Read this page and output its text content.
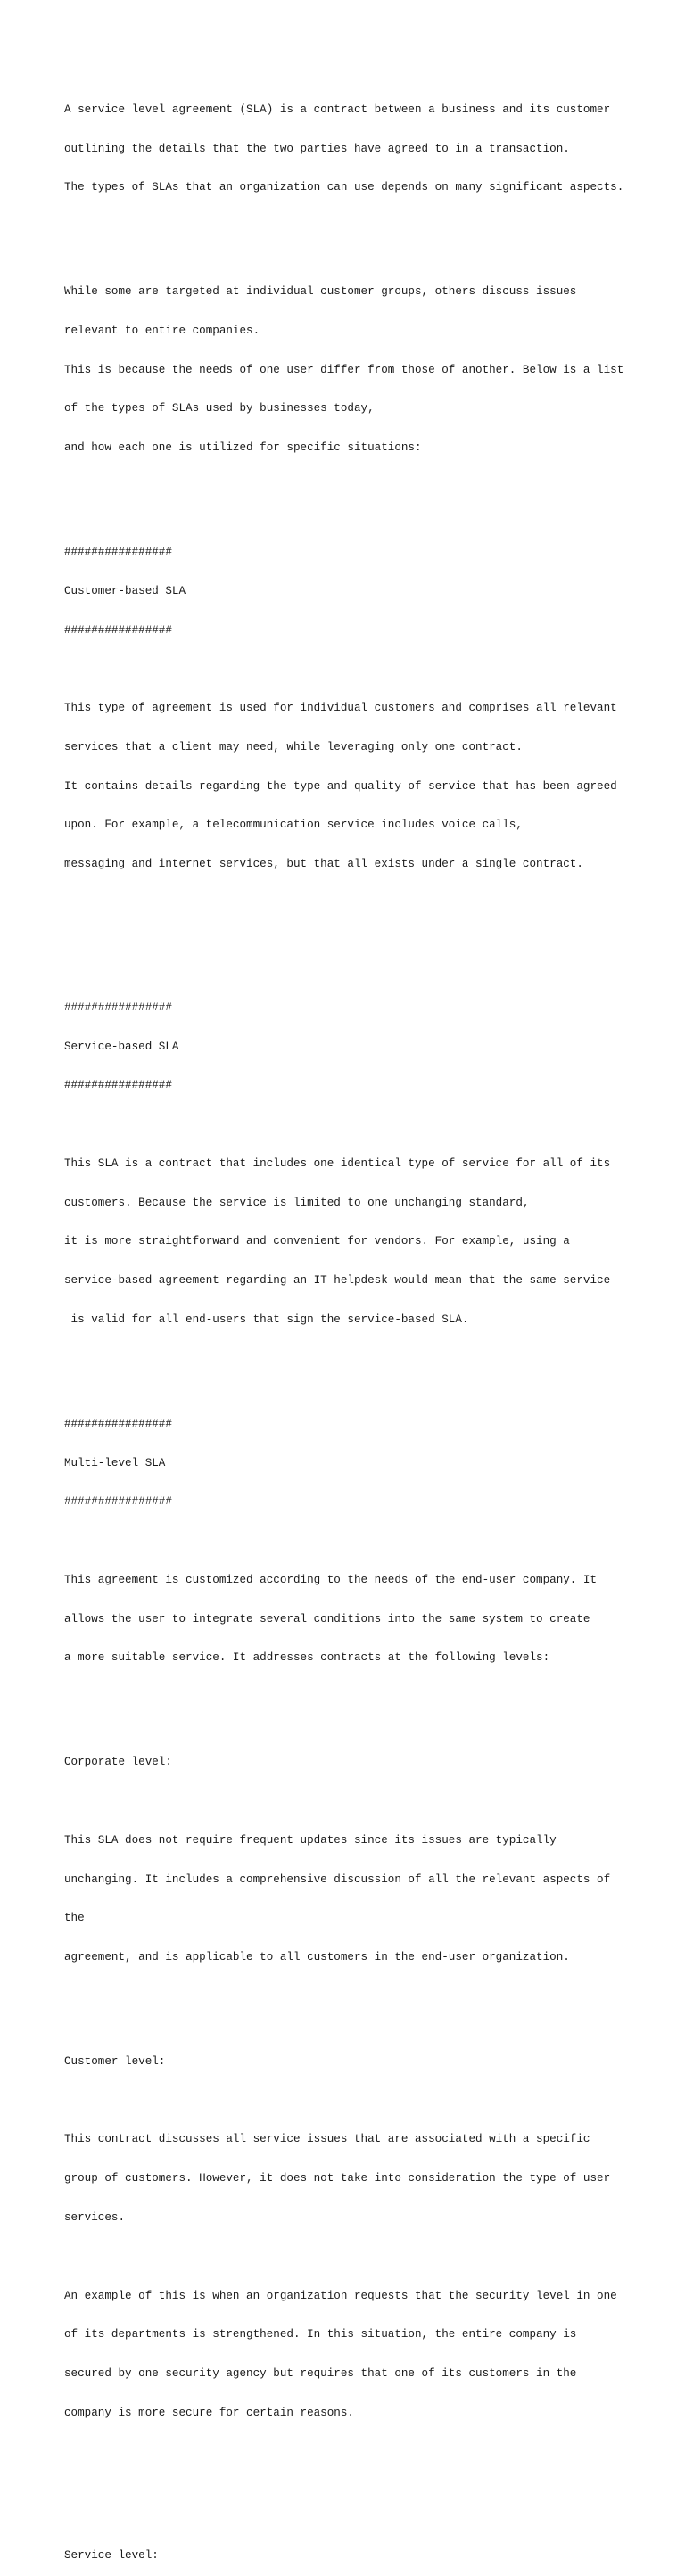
A service level agreement (SLA) is a contract between a business and its customer

outlining the details that the two parties have agreed to in a transaction.

The types of SLAs that an organization can use depends on many significant aspects.

While some are targeted at individual customer groups, others discuss issues

relevant to entire companies.

This is because the needs of one user differ from those of another. Below is a list

of the types of SLAs used by businesses today,

and how each one is utilized for specific situations:

################

Customer-based SLA

################

This type of agreement is used for individual customers and comprises all relevant

services that a client may need, while leveraging only one contract.

It contains details regarding the type and quality of service that has been agreed

upon. For example, a telecommunication service includes voice calls,

messaging and internet services, but that all exists under a single contract.

################

Service-based SLA

################

This SLA is a contract that includes one identical type of service for all of its

customers. Because the service is limited to one unchanging standard,

it is more straightforward and convenient for vendors. For example, using a

service-based agreement regarding an IT helpdesk would mean that the same service

is valid for all end-users that sign the service-based SLA.

################

Multi-level SLA

################

This agreement is customized according to the needs of the end-user company. It

allows the user to integrate several conditions into the same system to create

a more suitable service. It addresses contracts at the following levels:

Corporate level:

This SLA does not require frequent updates since its issues are typically

unchanging. It includes a comprehensive discussion of all the relevant aspects of

the

agreement, and is applicable to all customers in the end-user organization.

Customer level:

This contract discusses all service issues that are associated with a specific

group of customers. However, it does not take into consideration the type of user

services.

An example of this is when an organization requests that the security level in one

of its departments is strengthened. In this situation, the entire company is

secured by one security agency but requires that one of its customers in the

company is more secure for certain reasons.

Service level:
